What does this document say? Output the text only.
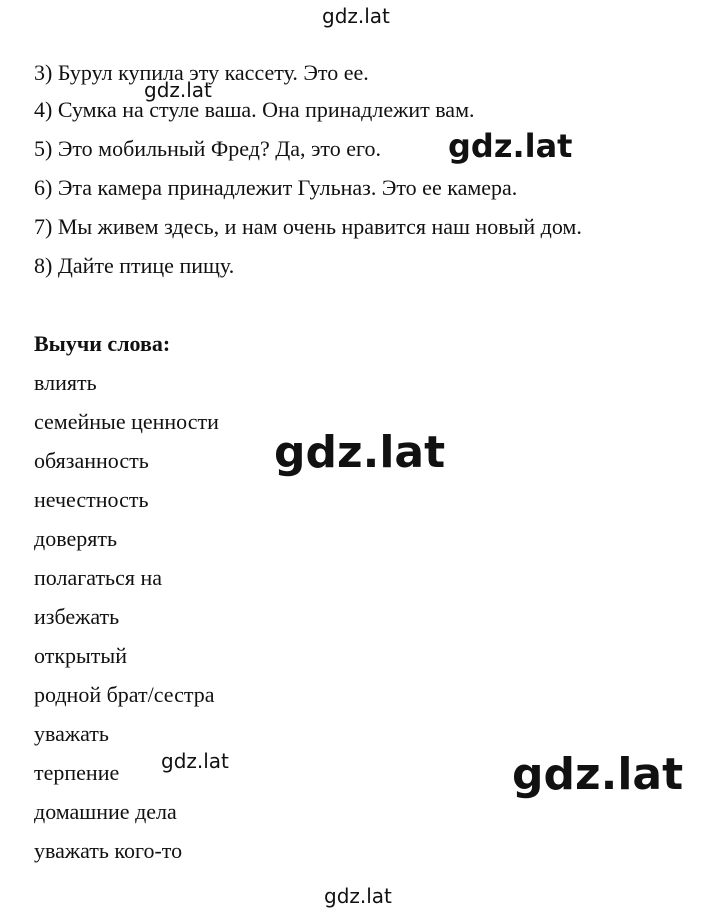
3) Бурул купила эту кассету. Это ее.
4) Сумка на стуле ваша. Она принадлежит вам.
5) Это мобильный Фред? Да, это его.
6) Эта камера принадлежит Гульназ. Это ее камера.
7) Мы живем здесь, и нам очень нравится наш новый дом.
8) Дайте птице пищу.
Выучи слова:
влиять
семейные ценности
обязанность
нечестность
доверять
полагаться на
избежать
открытый
родной брат/сестра
уважать
терпение
домашние дела
уважать кого-то
gdz.lat
gdz.lat
gdz.lat
gdz.lat
gdz.lat	gdz.lat
gdz.lat
